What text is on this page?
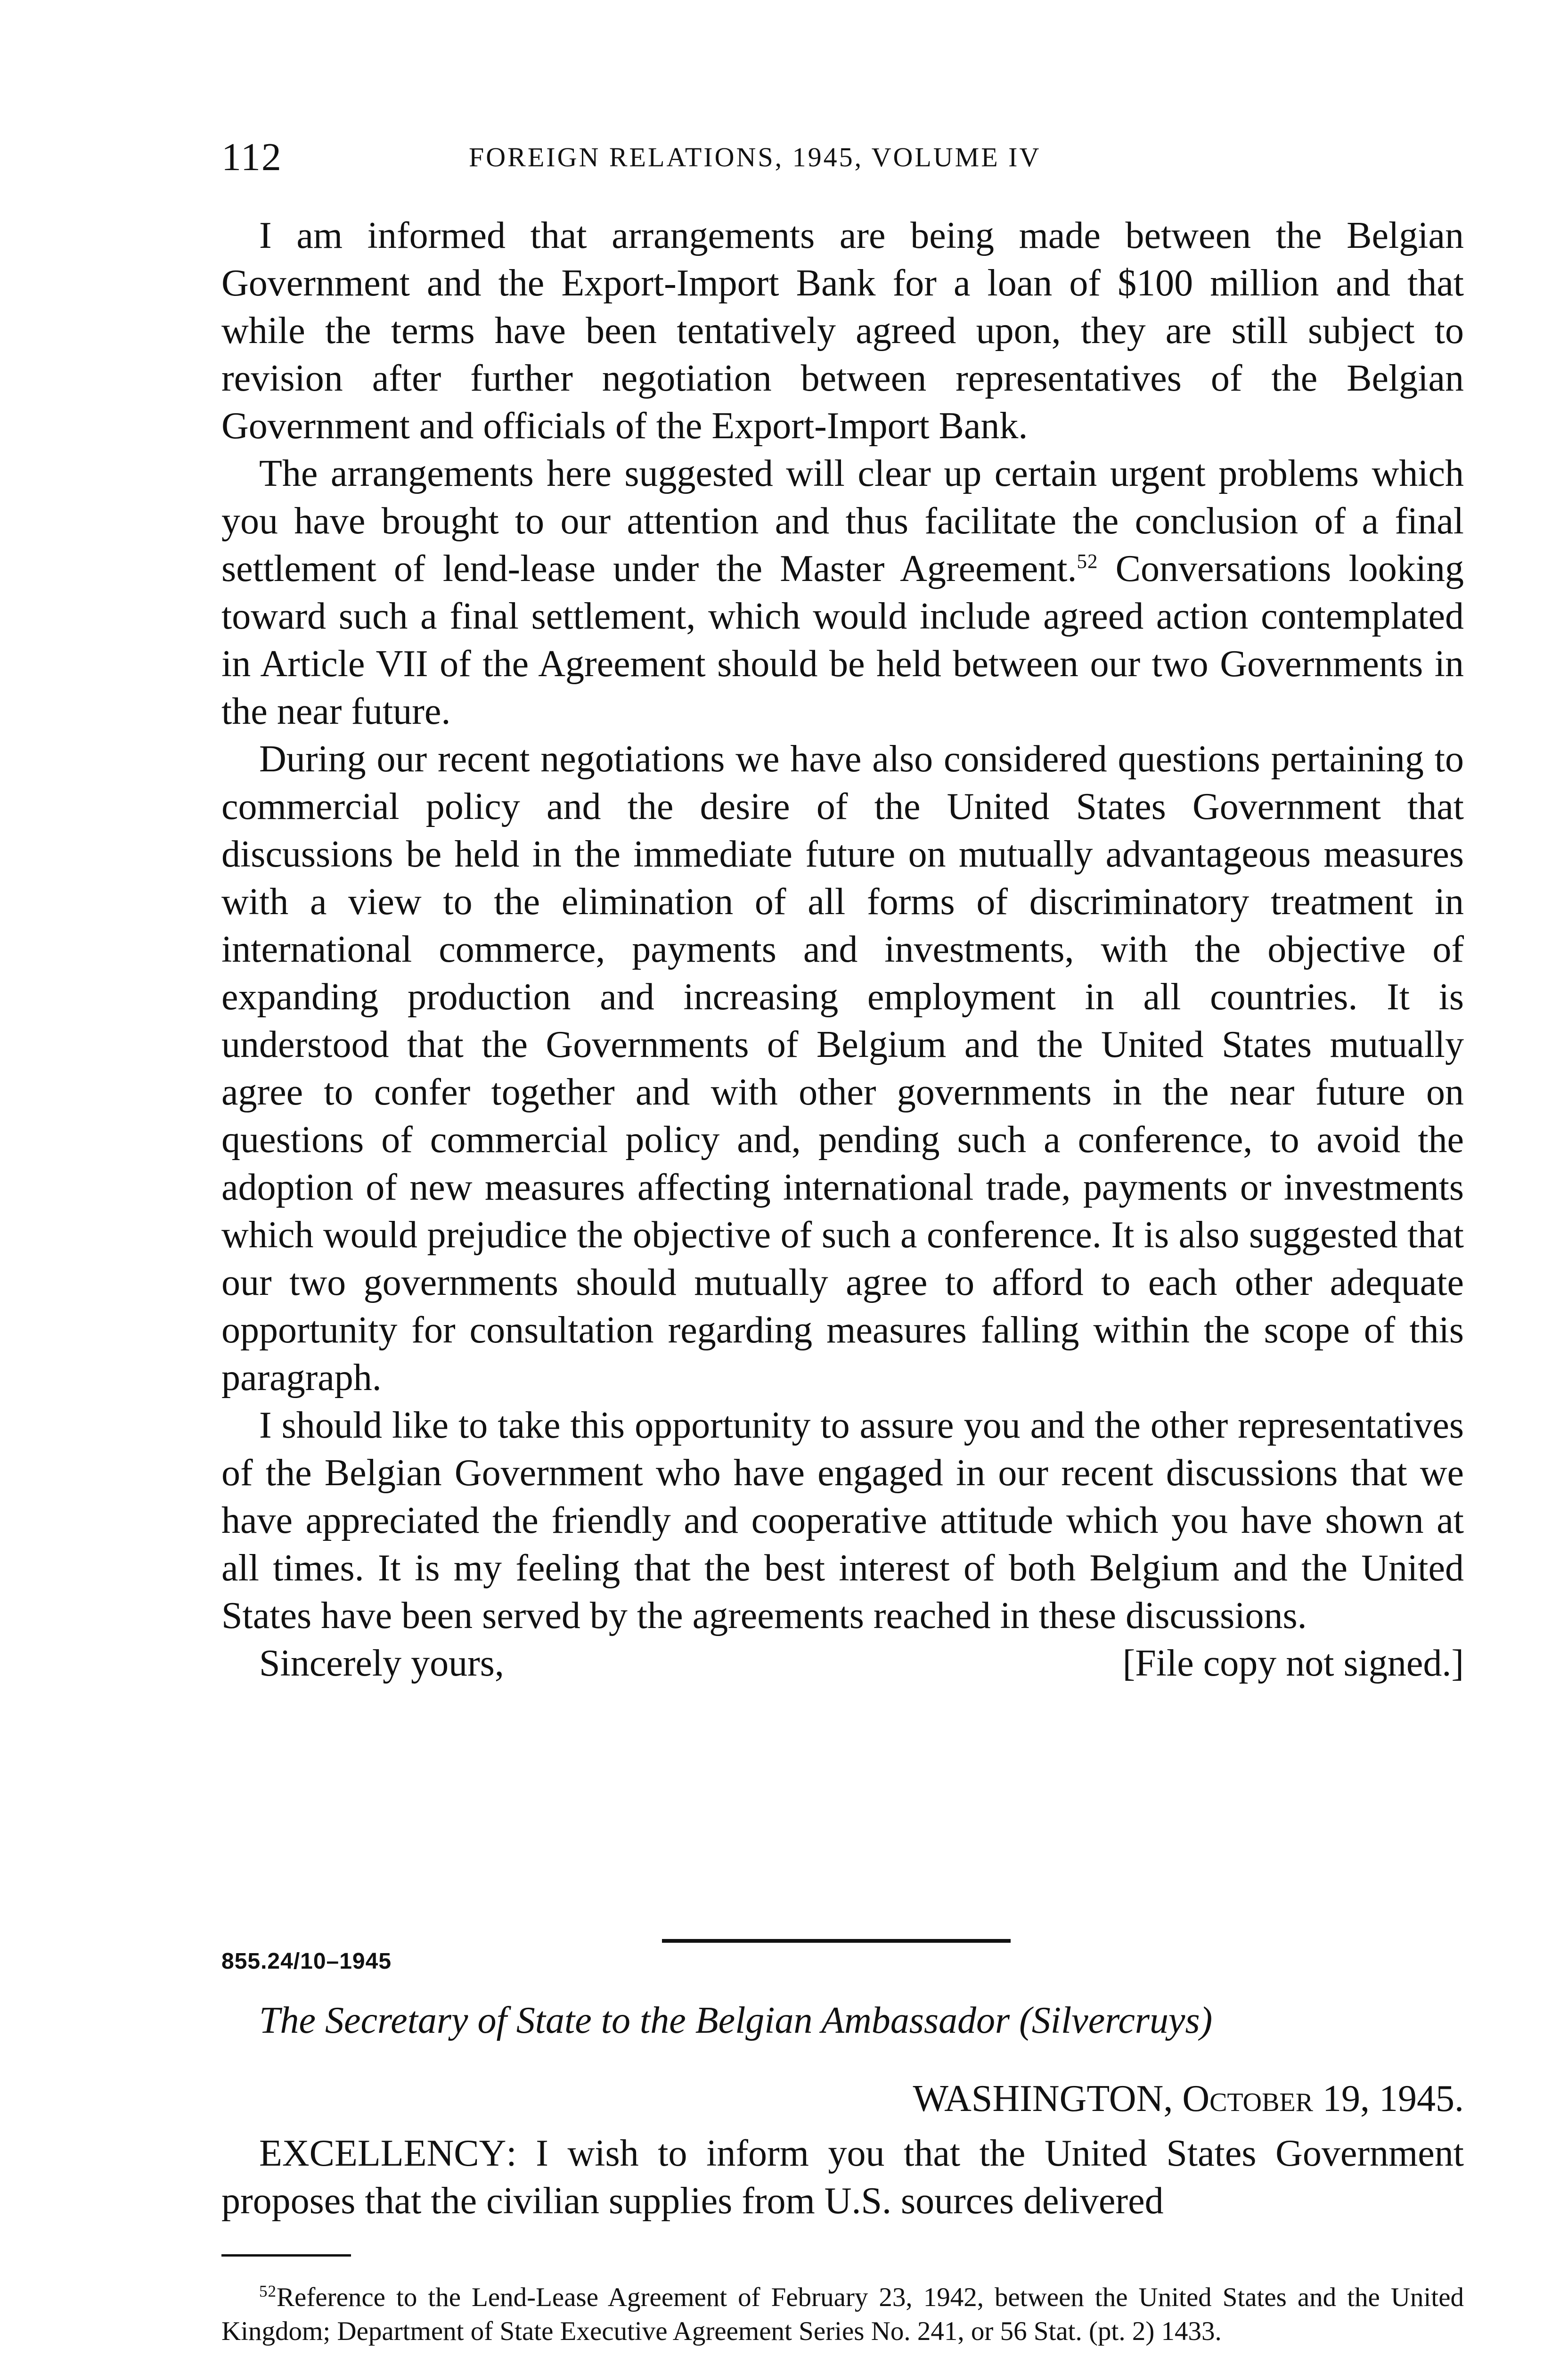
112	FOREIGN RELATIONS, 1945, VOLUME IV

I am informed that arrangements are being made between the Belgian Government and the Export-Import Bank for a loan of $100 million and that while the terms have been tentatively agreed upon, they are still subject to revision after further negotiation between representatives of the Belgian Government and officials of the Export-Import Bank.

The arrangements here suggested will clear up certain urgent problems which you have brought to our attention and thus facilitate the conclusion of a final settlement of lend-lease under the Master Agreement.$^{52}$ Conversations looking toward such a final settlement, which would include agreed action contemplated in Article VII of the Agreement should be held between our two Governments in the near future.

During our recent negotiations we have also considered questions pertaining to commercial policy and the desire of the United States Government that discussions be held in the immediate future on mutually advantageous measures with a view to the elimination of all forms of discriminatory treatment in international commerce, payments and investments, with the objective of expanding production and increasing employment in all countries. It is understood that the Governments of Belgium and the United States mutually agree to confer together and with other governments in the near future on questions of commercial policy and, pending such a conference, to avoid the adoption of new measures affecting international trade, payments or investments which would prejudice the objective of such a conference. It is also suggested that our two governments should mutually agree to afford to each other adequate opportunity for consultation regarding measures falling within the scope of this paragraph.

I should like to take this opportunity to assure you and the other representatives of the Belgian Government who have engaged in our recent discussions that we have appreciated the friendly and cooperative attitude which you have shown at all times. It is my feeling that the best interest of both Belgium and the United States have been served by the agreements reached in these discussions.

Sincerely yours,	[File copy not signed.]
855.24/10–1945
The Secretary of State to the Belgian Ambassador (Silvercruys)
WASHINGTON, October 19, 1945.

EXCELLENCY: I wish to inform you that the United States Government proposes that the civilian supplies from U.S. sources delivered

$^{52}$Reference to the Lend-Lease Agreement of February 23, 1942, between the United States and the United Kingdom; Department of State Executive Agreement Series No. 241, or 56 Stat. (pt. 2) 1433.
